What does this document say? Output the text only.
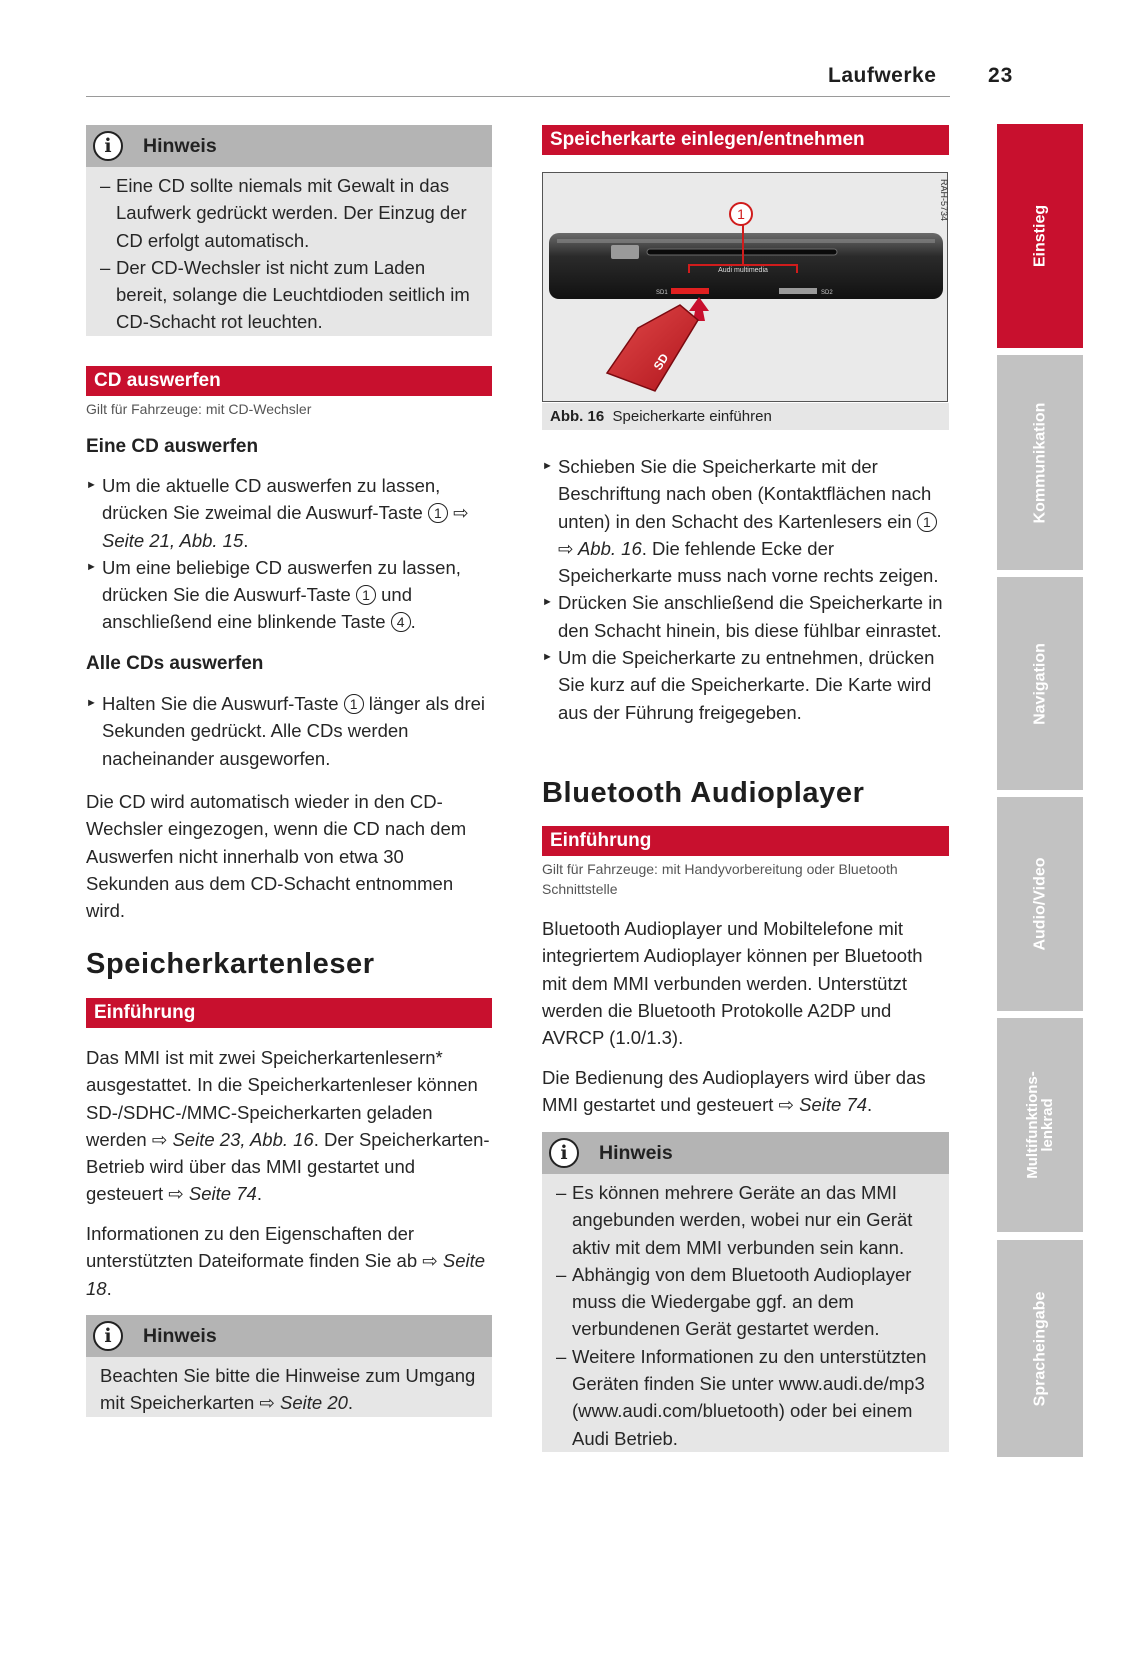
Laufwerke 23
i	Hinweis
– Eine CD sollte niemals mit Gewalt in das Laufwerk gedrückt werden. Der Einzug der CD erfolgt automatisch.
– Der CD-Wechsler ist nicht zum Laden bereit, solange die Leuchtdioden seitlich im CD-Schacht rot leuchten.
CD auswerfen
Gilt für Fahrzeuge: mit CD-Wechsler
Eine CD auswerfen
► Um die aktuelle CD auswerfen zu lassen, drücken Sie zweimal die Auswurf-Taste 1 ⇨ Seite 21, Abb. 15.
► Um eine beliebige CD auswerfen zu lassen, drücken Sie die Auswurf-Taste 1 und anschließend eine blinkende Taste 4 .
Alle CDs auswerfen
► Halten Sie die Auswurf-Taste 1 länger als drei Sekunden gedrückt. Alle CDs werden nacheinander ausgeworfen.
Die CD wird automatisch wieder in den CD-Wechsler eingezogen, wenn die CD nach dem Auswerfen nicht innerhalb von etwa 30 Sekunden aus dem CD-Schacht entnommen wird.
Speicherkartenleser
Einführung
Das MMI ist mit zwei Speicherkartenlesern* ausgestattet. In die Speicherkartenleser können SD-/SDHC-/MMC-Speicherkarten geladen werden ⇨ Seite 23, Abb. 16. Der Speicherkarten-Betrieb wird über das MMI gestartet und gesteuert ⇨ Seite 74.
Informationen zu den Eigenschaften der unterstützten Dateiformate finden Sie ab ⇨ Seite 18.
i	Hinweis
Beachten Sie bitte die Hinweise zum Umgang mit Speicherkarten ⇨ Seite 20.
Speicherkarte einlegen/entnehmen
Audi multimedia
SD1	SD2
1
SD
RAH-5734
Abb. 16 Speicherkarte einführen
► Schieben Sie die Speicherkarte mit der Beschriftung nach oben (Kontaktflächen nach unten) in den Schacht des Kartenlesers ein 1 ⇨ Abb. 16. Die fehlende Ecke der Speicherkarte muss nach vorne rechts zeigen.
► Drücken Sie anschließend die Speicherkarte in den Schacht hinein, bis diese fühlbar einrastet.
► Um die Speicherkarte zu entnehmen, drücken Sie kurz auf die Speicherkarte. Die Karte wird aus der Führung freigegeben.
Bluetooth Audioplayer
Einführung
Gilt für Fahrzeuge: mit Handyvorbereitung oder Bluetooth Schnittstelle
Bluetooth Audioplayer und Mobiltelefone mit integriertem Audioplayer können per Bluetooth mit dem MMI verbunden werden. Unterstützt werden die Bluetooth Protokolle A2DP und AVRCP (1.0/1.3).
Die Bedienung des Audioplayers wird über das MMI gestartet und gesteuert ⇨ Seite 74.
i	Hinweis
– Es können mehrere Geräte an das MMI angebunden werden, wobei nur ein Gerät aktiv mit dem MMI verbunden sein kann.
– Abhängig von dem Bluetooth Audioplayer muss die Wiedergabe ggf. an dem verbundenen Gerät gestartet werden.
– Weitere Informationen zu den unterstützten Geräten finden Sie unter www.audi.de/mp3 (www.audi.com/bluetooth) oder bei einem Audi Betrieb.
Einstieg
Kommunikation
Navigation
Audio/Video
Multifunktions-
lenkrad
Spracheingabe
